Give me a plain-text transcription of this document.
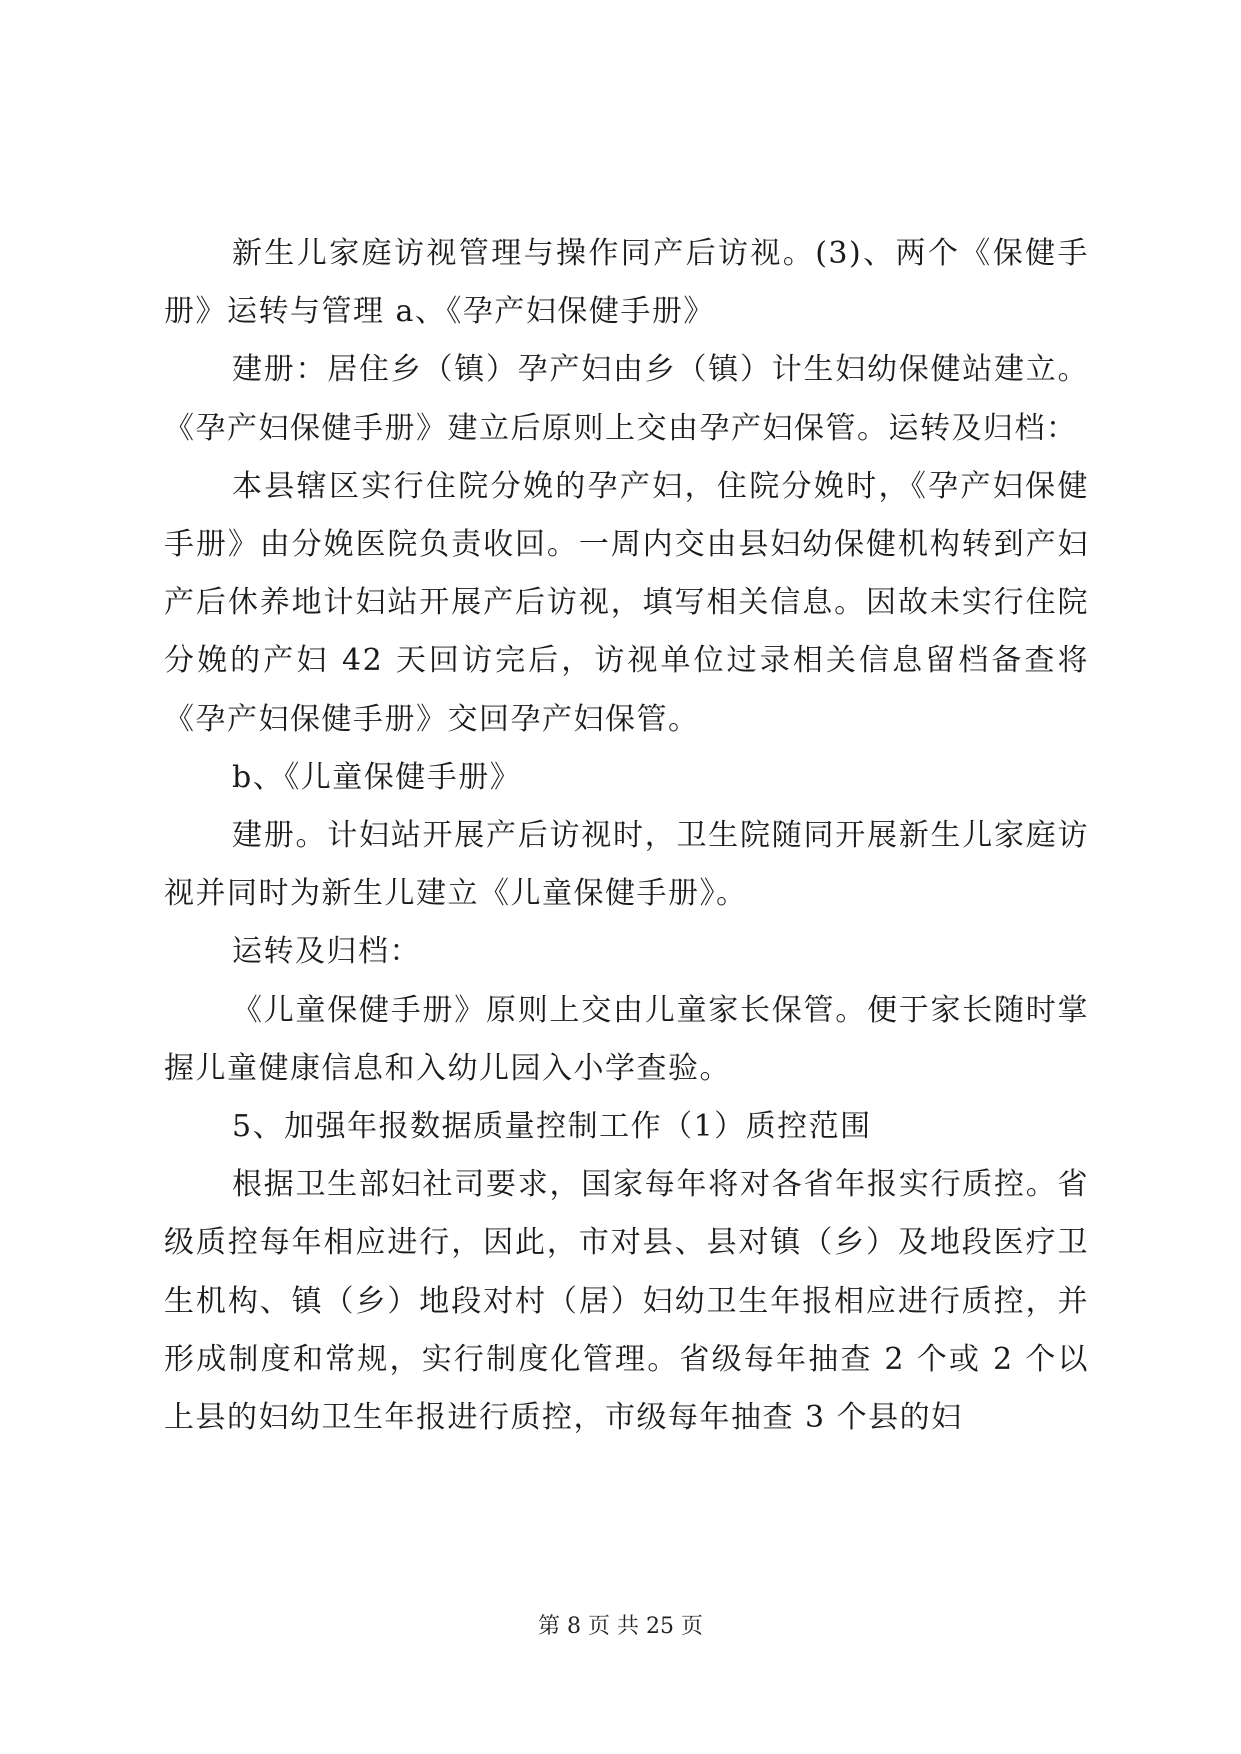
新生儿家庭访视管理与操作同产后访视。(3)、两个《保健手册》运转与管理 a、《孕产妇保健手册》

建册：居住乡（镇）孕产妇由乡（镇）计生妇幼保健站建立。《孕产妇保健手册》建立后原则上交由孕产妇保管。运转及归档：

本县辖区实行住院分娩的孕产妇，住院分娩时，《孕产妇保健手册》由分娩医院负责收回。一周内交由县妇幼保健机构转到产妇产后休养地计妇站开展产后访视，填写相关信息。因故未实行住院分娩的产妇 42 天回访完后，访视单位过录相关信息留档备查将《孕产妇保健手册》交回孕产妇保管。

b、《儿童保健手册》

建册。计妇站开展产后访视时，卫生院随同开展新生儿家庭访视并同时为新生儿建立《儿童保健手册》。

运转及归档：

《儿童保健手册》原则上交由儿童家长保管。便于家长随时掌握儿童健康信息和入幼儿园入小学查验。

5、加强年报数据质量控制工作（1）质控范围

根据卫生部妇社司要求，国家每年将对各省年报实行质控。省级质控每年相应进行，因此，市对县、县对镇（乡）及地段医疗卫生机构、镇（乡）地段对村（居）妇幼卫生年报相应进行质控，并形成制度和常规，实行制度化管理。省级每年抽查 2 个或 2 个以上县的妇幼卫生年报进行质控，市级每年抽查 3 个县的妇

第 8 页 共 25 页
